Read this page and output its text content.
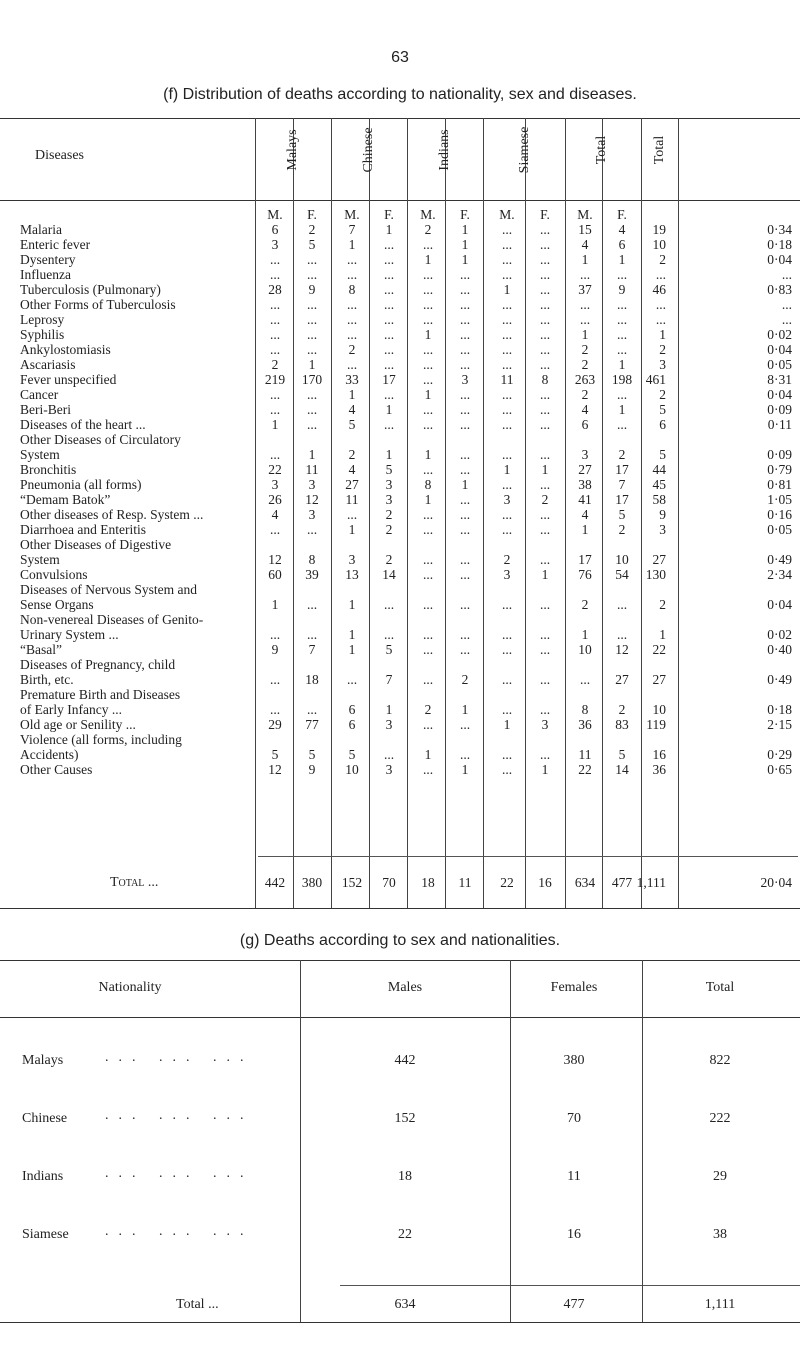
63
(f) Distribution of deaths according to nationality, sex and diseases.
(g) Deaths according to sex and nationalities.
Diseases	Malays	Chinese	Indians	Siamese	Total	Total
M.	F.	M.	F.	M.	F.	M.	F.	M.	F.
Malaria	6	2	7	1	2	1	...	...	15	4	19	0·34
Enteric fever	3	5	1	...	...	1	...	...	4	6	10	0·18
Dysentery	...	...	...	...	1	1	...	...	1	1	2	0·04
Influenza	...	...	...	...	...	...	...	...	...	...	...	...
Tuberculosis (Pulmonary)	28	9	8	...	...	...	1	...	37	9	46	0·83
Other Forms of Tuberculosis	...	...	...	...	...	...	...	...	...	...	...	...
Leprosy	...	...	...	...	...	...	...	...	...	...	...	...
Syphilis	...	...	...	...	1	...	...	...	1	...	1	0·02
Ankylostomiasis	...	...	2	...	...	...	...	...	2	...	2	0·04
Ascariasis	2	1	...	...	...	...	...	...	2	1	3	0·05
Fever unspecified	219	170	33	17	...	3	11	8	263	198	461	8·31
Cancer	...	...	1	...	1	...	...	...	2	...	2	0·04
Beri-Beri	...	...	4	1	...	...	...	...	4	1	5	0·09
Diseases of the heart ...	1	...	5	...	...	...	...	...	6	...	6	0·11
Other Diseases of Circulatory
System	...	1	2	1	1	...	...	...	3	2	5	0·09
Bronchitis	22	11	4	5	...	...	1	1	27	17	44	0·79
Pneumonia (all forms)	3	3	27	3	8	1	...	...	38	7	45	0·81
“Demam Batok”	26	12	11	3	1	...	3	2	41	17	58	1·05
Other diseases of Resp. System ...	4	3	...	2	...	...	...	...	4	5	9	0·16
Diarrhoea and Enteritis	...	...	1	2	...	...	...	...	1	2	3	0·05
Other Diseases of Digestive
System	12	8	3	2	...	...	2	...	17	10	27	0·49
Convulsions	60	39	13	14	...	...	3	1	76	54	130	2·34
Diseases of Nervous System and
Sense Organs	1	...	1	...	...	...	...	...	2	...	2	0·04
Non-venereal Diseases of Genito-
Urinary System ...	...	...	1	...	...	...	...	...	1	...	1	0·02
“Basal”	9	7	1	5	...	...	...	...	10	12	22	0·40
Diseases of Pregnancy, child
Birth, etc.	...	18	...	7	...	2	...	...	...	27	27	0·49
Premature Birth and Diseases
of Early Infancy ...	...	...	6	1	2	1	...	...	8	2	10	0·18
Old age or Senility ...	29	77	6	3	...	...	1	3	36	83	119	2·15
Violence (all forms, including
Accidents)	5	5	5	...	1	...	...	...	11	5	16	0·29
Other Causes	12	9	10	3	...	1	...	1	22	14	36	0·65
Total ...	442	380	152	70	18	11	22	16	634	477 1,111	20·04
Nationality	Males	Females	Total
Malays	... ... ...	442	380	822
Chinese	... ... ...	152	70	222
Indians	... ... ...	18	11	29
Siamese	... ... ...	22	16	38
Total ...	634	477	1,111
